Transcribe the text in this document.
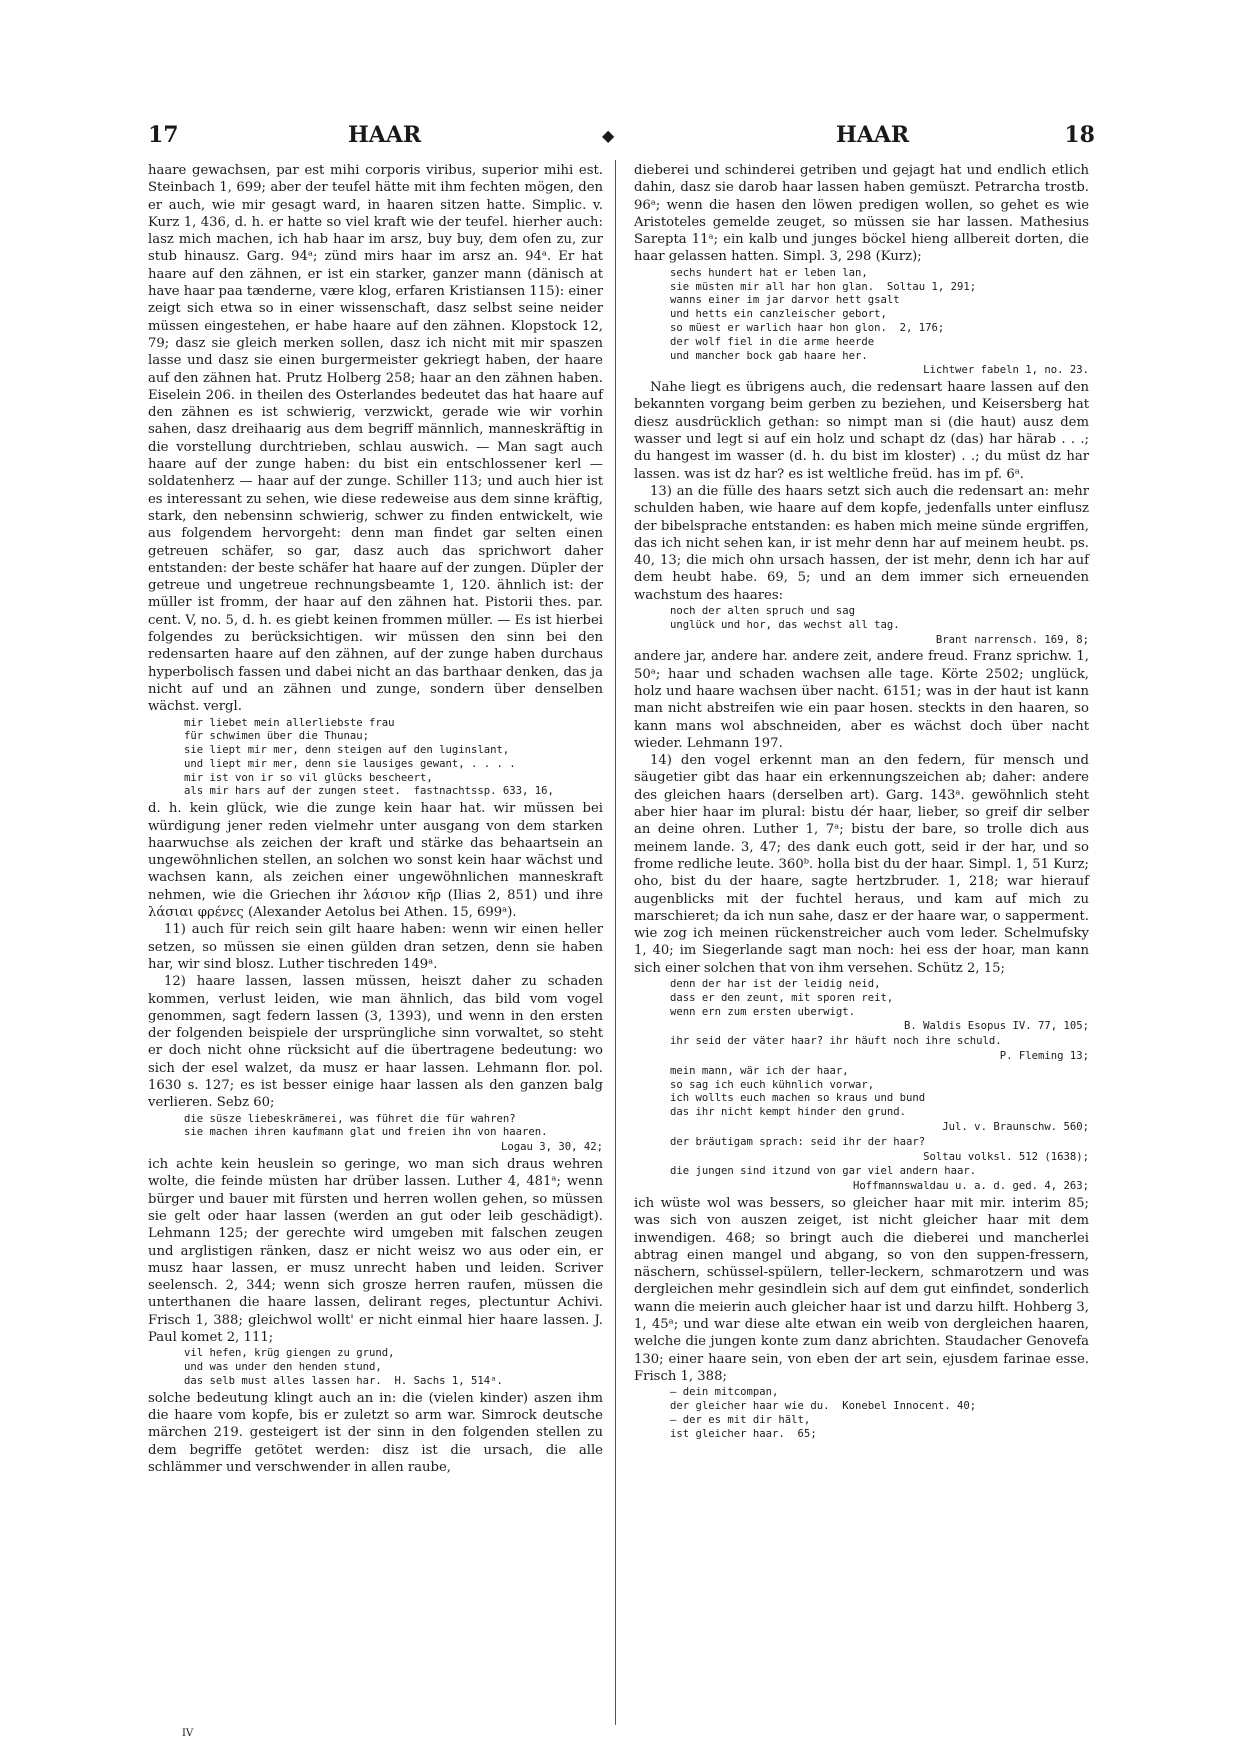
17	HAAR	◆	HAAR	18

haare gewachsen, par est mihi corporis viribus, superior mihi est. Steinbach 1, 699; aber der teufel hätte mit ihm fechten mögen, den er auch, wie mir gesagt ward, in haaren sitzen hatte. Simplic. v. Kurz 1, 436, d. h. er hatte so viel kraft wie der teufel. hierher auch: lasz mich machen, ich hab haar im arsz, buy buy, dem ofen zu, zur stub hinausz. Garg. 94ᵃ; zünd mirs haar im arsz an. 94ᵃ. Er hat haare auf den zähnen, er ist ein starker, ganzer mann (dänisch at have haar paa tænderne, være klog, erfaren Kristiansen 115): einer zeigt sich etwa so in einer wissenschaft, dasz selbst seine neider müssen eingestehen, er habe haare auf den zähnen. Klopstock 12, 79; dasz sie gleich merken sollen, dasz ich nicht mit mir spaszen lasse und dasz sie einen burgermeister gekriegt haben, der haare auf den zähnen hat. Prutz Holberg 258; haar an den zähnen haben. Eiselein 206. in theilen des Osterlandes bedeutet das hat haare auf den zähnen es ist schwierig, verzwickt, gerade wie wir vorhin sahen, dasz dreihaarig aus dem begriff männlich, manneskräftig in die vorstellung durchtrieben, schlau auswich. — Man sagt auch haare auf der zunge haben: du bist ein entschlossener kerl — soldatenherz — haar auf der zunge. Schiller 113; und auch hier ist es interessant zu sehen, wie diese redeweise aus dem sinne kräftig, stark, den nebensinn schwierig, schwer zu finden entwickelt, wie aus folgendem hervorgeht: denn man findet gar selten einen getreuen schäfer, so gar, dasz auch das sprichwort daher entstanden: der beste schäfer hat haare auf der zungen. Düpler der getreue und ungetreue rechnungsbeamte 1, 120. ähnlich ist: der müller ist fromm, der haar auf den zähnen hat. Pistorii thes. par. cent. V, no. 5, d. h. es giebt keinen frommen müller. — Es ist hierbei folgendes zu berücksichtigen. wir müssen den sinn bei den redensarten haare auf den zähnen, auf der zunge haben durchaus hyperbolisch fassen und dabei nicht an das barthaar denken, das ja nicht auf und an zähnen und zunge, sondern über denselben wächst. vergl.

mir liebet mein allerliebste frau
für schwimen über die Thunau;
sie liept mir mer, denn steigen auf den luginslant,
und liept mir mer, denn sie lausiges gewant, . . . .
mir ist von ir so vil glücks bescheert,
als mir hars auf der zungen steet.  fastnachtssp. 633, 16,

d. h. kein glück, wie die zunge kein haar hat. wir müssen bei würdigung jener reden vielmehr unter ausgang von dem starken haarwuchse als zeichen der kraft und stärke das behaartsein an ungewöhnlichen stellen, an solchen wo sonst kein haar wächst und wachsen kann, als zeichen einer ungewöhnlichen manneskraft nehmen, wie die Griechen ihr λάσιον κῆρ (Ilias 2, 851) und ihre λάσιαι φρένες (Alexander Aetolus bei Athen. 15, 699ᵃ).

11) auch für reich sein gilt haare haben: wenn wir einen heller setzen, so müssen sie einen gülden dran setzen, denn sie haben har, wir sind blosz. Luther tischreden 149ᵃ.

12) haare lassen, lassen müssen, heiszt daher zu schaden kommen, verlust leiden, wie man ähnlich, das bild vom vogel genommen, sagt federn lassen (3, 1393), und wenn in den ersten der folgenden beispiele der ursprüngliche sinn vorwaltet, so steht er doch nicht ohne rücksicht auf die übertragene bedeutung: wo sich der esel walzet, da musz er haar lassen. Lehmann flor. pol. 1630 s. 127; es ist besser einige haar lassen als den ganzen balg verlieren. Sebz 60;

die süsze liebeskrämerei, was führet die für wahren?
sie machen ihren kaufmann glat und freien ihn von haaren.
Logau 3, 30, 42;

ich achte kein heuslein so geringe, wo man sich draus wehren wolte, die feinde müsten har drüber lassen. Luther 4, 481ᵃ; wenn bürger und bauer mit fürsten und herren wollen gehen, so müssen sie gelt oder haar lassen (werden an gut oder leib geschädigt). Lehmann 125; der gerechte wird umgeben mit falschen zeugen und arglistigen ränken, dasz er nicht weisz wo aus oder ein, er musz haar lassen, er musz unrecht haben und leiden. Scriver seelensch. 2, 344; wenn sich grosze herren raufen, müssen die unterthanen die haare lassen, delirant reges, plectuntur Achivi. Frisch 1, 388; gleichwol wollt' er nicht einmal hier haare lassen. J. Paul komet 2, 111;

vil hefen, krüg giengen zu grund,
und was under den henden stund,
das selb must alles lassen har.  H. Sachs 1, 514ᵃ.

solche bedeutung klingt auch an in: die (vielen kinder) aszen ihm die haare vom kopfe, bis er zuletzt so arm war. Simrock deutsche märchen 219. gesteigert ist der sinn in den folgenden stellen zu dem begriffe getötet werden: disz ist die ursach, die alle schlämmer und verschwender in allen raube,

dieberei und schinderei getriben und gejagt hat und endlich etlich dahin, dasz sie darob haar lassen haben gemüszt. Petrarcha trostb. 96ᵃ; wenn die hasen den löwen predigen wollen, so gehet es wie Aristoteles gemelde zeuget, so müssen sie har lassen. Mathesius Sarepta 11ᵃ; ein kalb und junges böckel hieng allbereit dorten, die haar gelassen hatten. Simpl. 3, 298 (Kurz);

sechs hundert hat er leben lan,
sie müsten mir all har hon glan.  Soltau 1, 291;
wanns einer im jar darvor hett gsalt
und hetts ein canzleischer gebort,
so müest er warlich haar hon glon.  2, 176;
der wolf fiel in die arme heerde
und mancher bock gab haare her.
Lichtwer fabeln 1, no. 23.

Nahe liegt es übrigens auch, die redensart haare lassen auf den bekannten vorgang beim gerben zu beziehen, und Keisersberg hat diesz ausdrücklich gethan: so nimpt man si (die haut) ausz dem wasser und legt si auf ein holz und schapt dz (das) har härab . . .; du hangest im wasser (d. h. du bist im kloster) . .; du müst dz har lassen. was ist dz har? es ist weltliche freüd. has im pf. 6ᵃ.

13) an die fülle des haars setzt sich auch die redensart an: mehr schulden haben, wie haare auf dem kopfe, jedenfalls unter einflusz der bibelsprache entstanden: es haben mich meine sünde ergriffen, das ich nicht sehen kan, ir ist mehr denn har auf meinem heubt. ps. 40, 13; die mich ohn ursach hassen, der ist mehr, denn ich har auf dem heubt habe. 69, 5; und an dem immer sich erneuenden wachstum des haares:

noch der alten spruch und sag
unglück und hor, das wechst all tag.
Brant narrensch. 169, 8;

andere jar, andere har. andere zeit, andere freud. Franz sprichw. 1, 50ᵃ; haar und schaden wachsen alle tage. Körte 2502; unglück, holz und haare wachsen über nacht. 6151; was in der haut ist kann man nicht abstreifen wie ein paar hosen. steckts in den haaren, so kann mans wol abschneiden, aber es wächst doch über nacht wieder. Lehmann 197.

14) den vogel erkennt man an den federn, für mensch und säugetier gibt das haar ein erkennungszeichen ab; daher: andere des gleichen haars (derselben art). Garg. 143ᵃ. gewöhnlich steht aber hier haar im plural: bistu dér haar, lieber, so greif dir selber an deine ohren. Luther 1, 7ᵃ; bistu der bare, so trolle dich aus meinem lande. 3, 47; des dank euch gott, seid ir der har, und so frome redliche leute. 360ᵇ. holla bist du der haar. Simpl. 1, 51 Kurz; oho, bist du der haare, sagte hertzbruder. 1, 218; war hierauf augenblicks mit der fuchtel heraus, und kam auf mich zu marschieret; da ich nun sahe, dasz er der haare war, o sapperment. wie zog ich meinen rückenstreicher auch vom leder. Schelmufsky 1, 40; im Siegerlande sagt man noch: hei ess der hoar, man kann sich einer solchen that von ihm versehen. Schütz 2, 15;

denn der har ist der leidig neid,
dass er den zeunt, mit sporen reit,
wenn ern zum ersten uberwigt.
B. Waldis Esopus IV. 77, 105;
ihr seid der väter haar? ihr häuft noch ihre schuld.
P. Fleming 13;
mein mann, wär ich der haar,
so sag ich euch kühnlich vorwar,
ich wollts euch machen so kraus und bund
das ihr nicht kempt hinder den grund.
Jul. v. Braunschw. 560;
der bräutigam sprach: seid ihr der haar?
Soltau volksl. 512 (1638);
die jungen sind itzund von gar viel andern haar.
Hoffmannswaldau u. a. d. ged. 4, 263;

ich wüste wol was bessers, so gleicher haar mit mir. interim 85; was sich von auszen zeiget, ist nicht gleicher haar mit dem inwendigen. 468; so bringt auch die dieberei und mancherlei abtrag einen mangel und abgang, so von den suppen-fressern, näschern, schüssel-spülern, teller-leckern, schmarotzern und was dergleichen mehr gesindlein sich auf dem gut einfindet, sonderlich wann die meierin auch gleicher haar ist und darzu hilft. Hohberg 3, 1, 45ᵃ; und war diese alte etwan ein weib von dergleichen haaren, welche die jungen konte zum danz abrichten. Staudacher Genovefa 130; einer haare sein, von eben der art sein, ejusdem farinae esse. Frisch 1, 388;

— dein mitcompan,
der gleicher haar wie du.  Konebel Innocent. 40;
— der es mit dir hält,
ist gleicher haar.  65;
IV
